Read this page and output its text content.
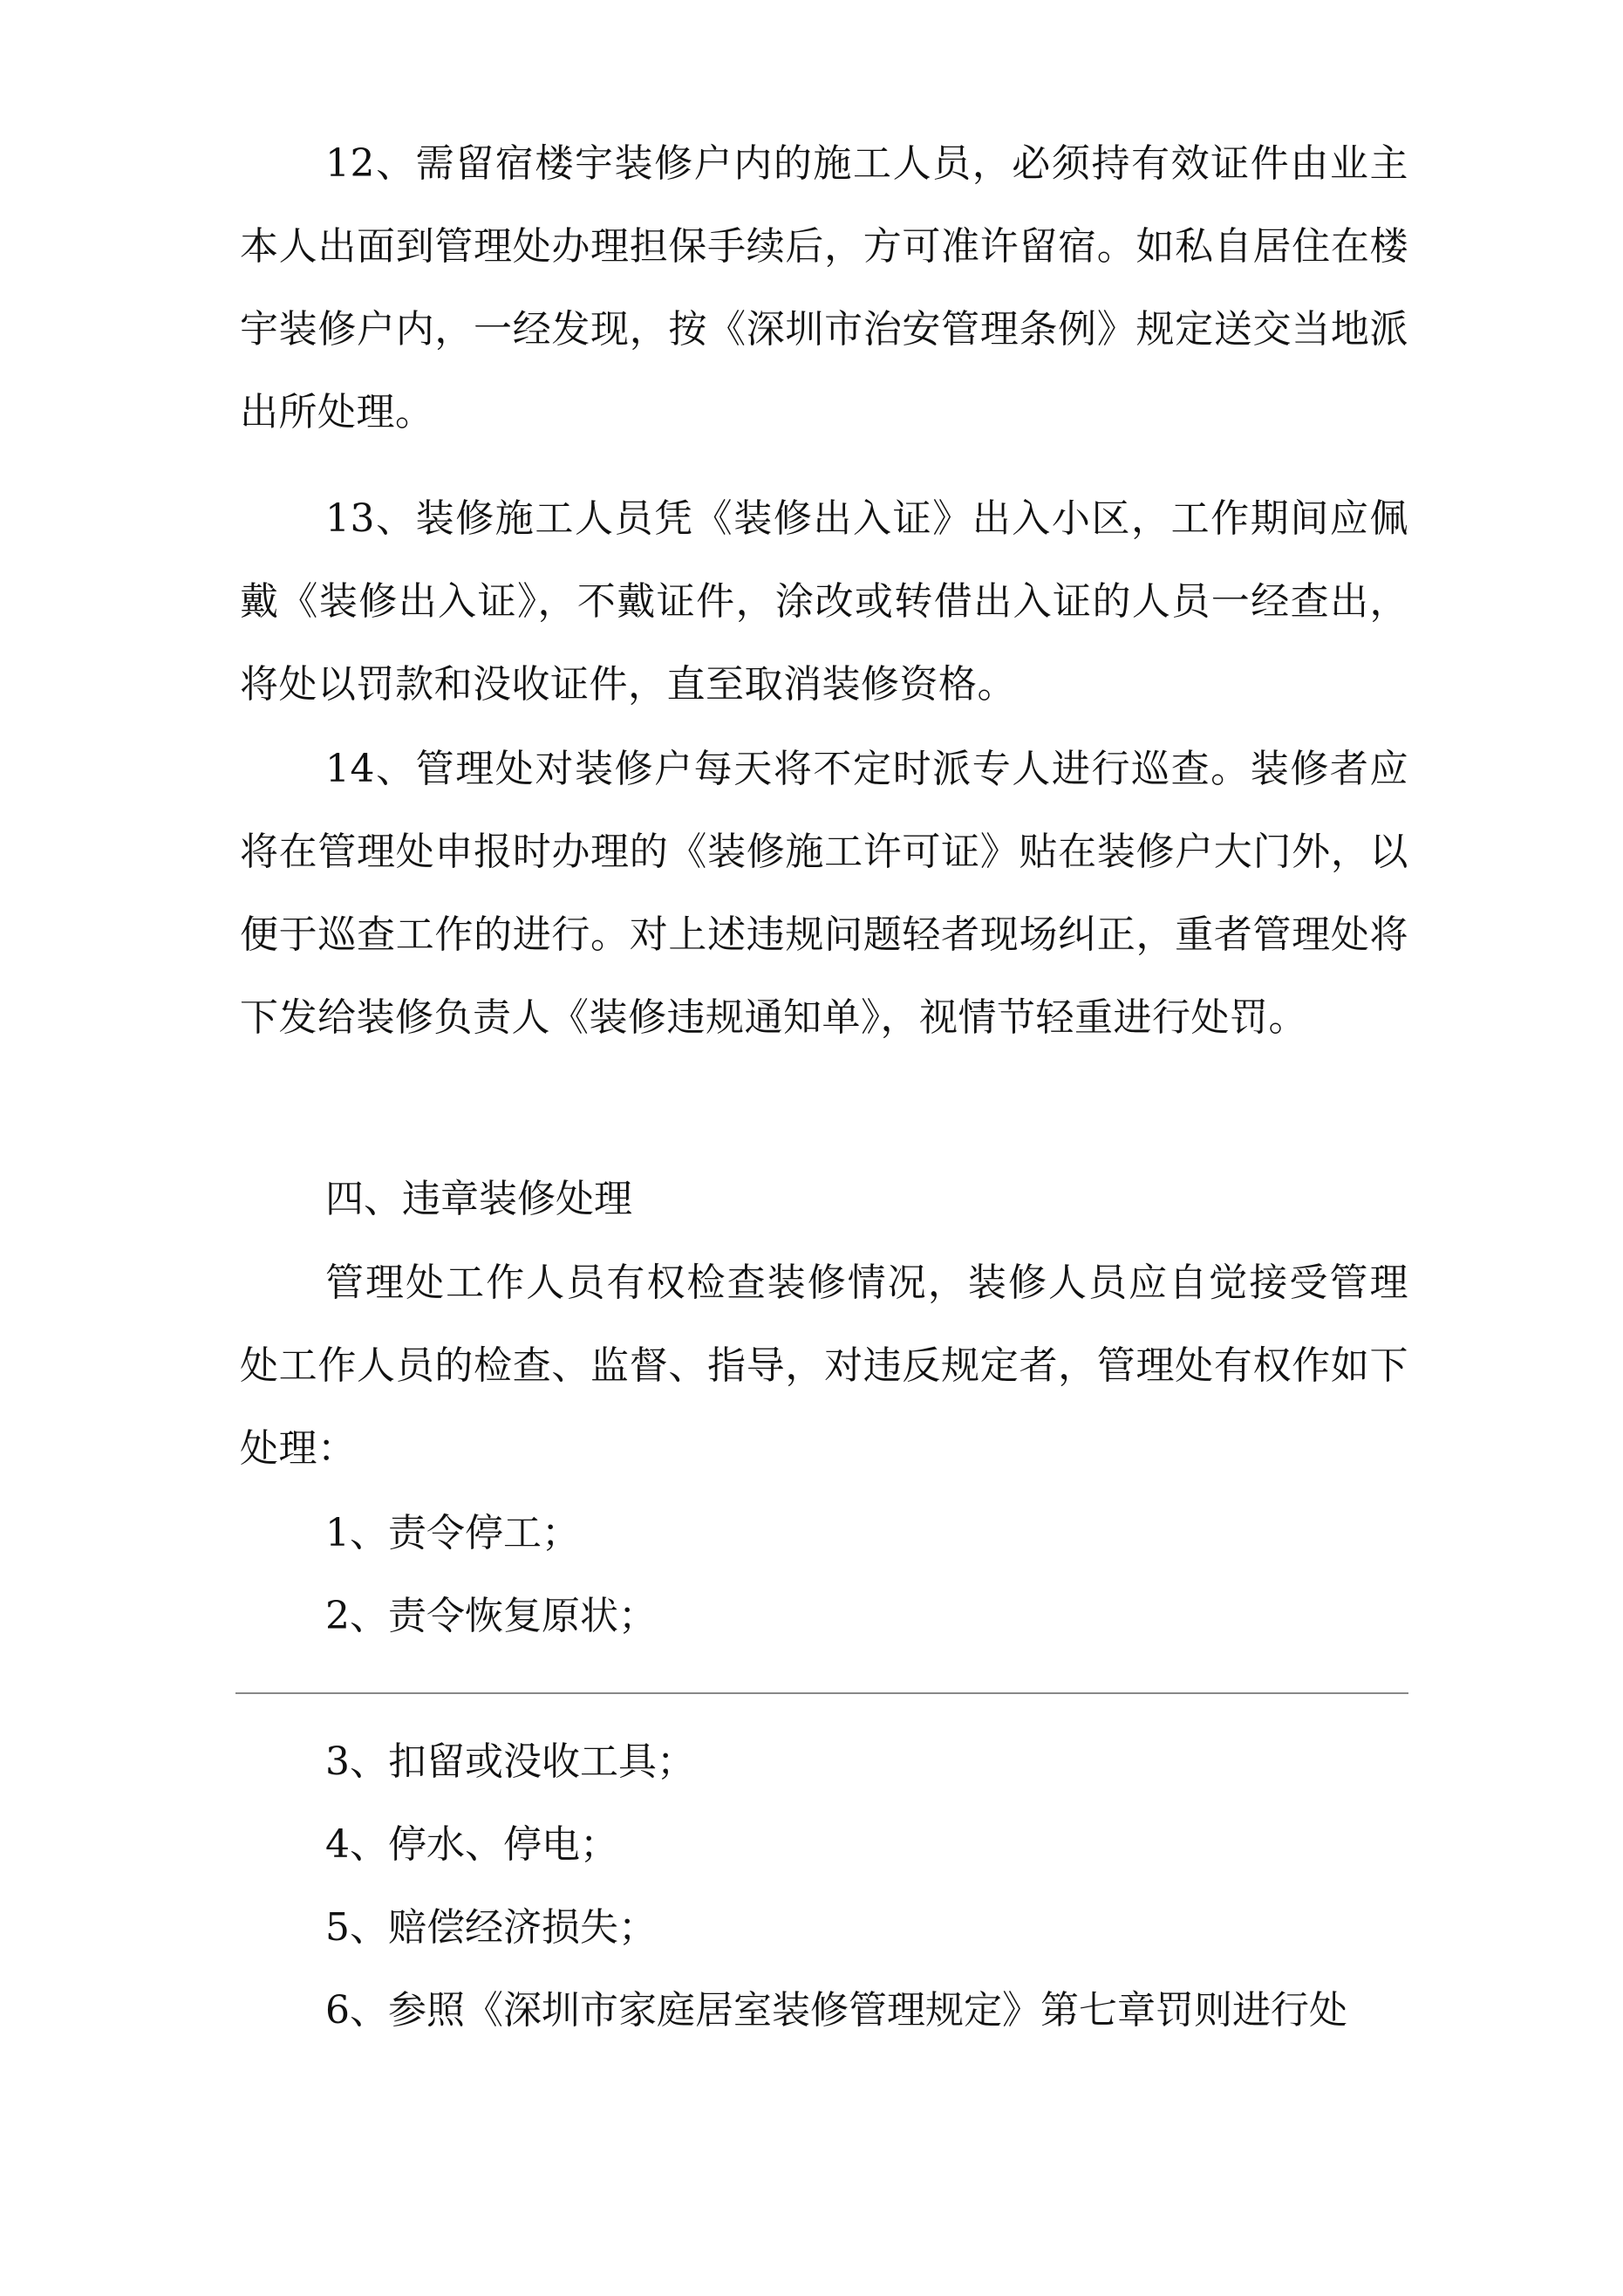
12、需留宿楼宇装修户内的施工人员，必须持有效证件由业主本人出面到管理处办理担保手续后，方可准许留宿。如私自居住在楼宇装修户内，一经发现，按《深圳市治安管理条例》规定送交当地派出所处理。

13、装修施工人员凭《装修出入证》出入小区，工作期间应佩戴《装修出入证》，不戴证件，涂改或转借出入证的人员一经查出，将处以罚款和没收证件，直至取消装修资格。

14、管理处对装修户每天将不定时派专人进行巡查。装修者应将在管理处申报时办理的《装修施工许可证》贴在装修户大门外，以便于巡查工作的进行。对上述违规问题轻者现场纠正，重者管理处将下发给装修负责人《装修违规通知单》，视情节轻重进行处罚。

四、违章装修处理

管理处工作人员有权检查装修情况，装修人员应自觉接受管理处工作人员的检查、监督、指导，对违反规定者，管理处有权作如下处理：

1、责令停工；
2、责令恢复原状；
3、扣留或没收工具；
4、停水、停电；
5、赔偿经济损失；
6、参照《深圳市家庭居室装修管理规定》第七章罚则进行处
